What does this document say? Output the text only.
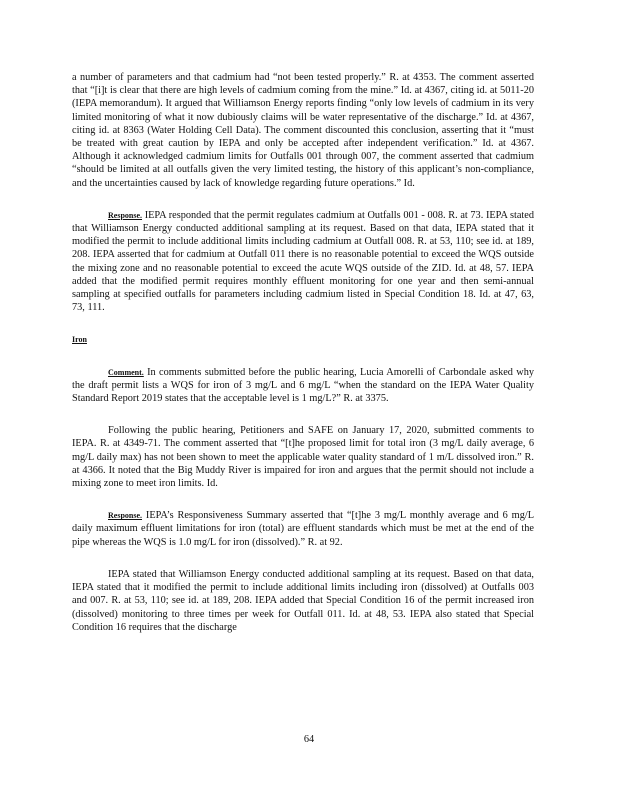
a number of parameters and that cadmium had “not been tested properly.” R. at 4353. The comment asserted that “[i]t is clear that there are high levels of cadmium coming from the mine.” Id. at 4367, citing id. at 5011-20 (IEPA memorandum). It argued that Williamson Energy reports finding “only low levels of cadmium in its very limited monitoring of what it now dubiously claims will be water representative of the discharge.” Id. at 4367, citing id. at 8363 (Water Holding Cell Data). The comment discounted this conclusion, asserting that it “must be treated with great caution by IEPA and only be accepted after independent verification.” Id. at 4367. Although it acknowledged cadmium limits for Outfalls 001 through 007, the comment asserted that cadmium “should be limited at all outfalls given the very limited testing, the history of this applicant’s non-compliance, and the uncertainties caused by lack of knowledge regarding future operations.” Id.

Response. IEPA responded that the permit regulates cadmium at Outfalls 001 - 008. R. at 73. IEPA stated that Williamson Energy conducted additional sampling at its request. Based on that data, IEPA stated that it modified the permit to include additional limits including cadmium at Outfall 008. R. at 53, 110; see id. at 189, 208. IEPA asserted that for cadmium at Outfall 011 there is no reasonable potential to exceed the WQS outside the mixing zone and no reasonable potential to exceed the acute WQS outside of the ZID. Id. at 48, 57. IEPA added that the modified permit requires monthly effluent monitoring for one year and then semi-annual sampling at specified outfalls for parameters including cadmium listed in Special Condition 18. Id. at 47, 63, 73, 111.

Iron

Comment. In comments submitted before the public hearing, Lucia Amorelli of Carbondale asked why the draft permit lists a WQS for iron of 3 mg/L and 6 mg/L “when the standard on the IEPA Water Quality Standard Report 2019 states that the acceptable level is 1 mg/L?” R. at 3375.

Following the public hearing, Petitioners and SAFE on January 17, 2020, submitted comments to IEPA. R. at 4349-71. The comment asserted that “[t]he proposed limit for total iron (3 mg/L daily average, 6 mg/L daily max) has not been shown to meet the applicable water quality standard of 1 m/L dissolved iron.” R. at 4366. It noted that the Big Muddy River is impaired for iron and argues that the permit should not include a mixing zone to meet iron limits. Id.

Response. IEPA’s Responsiveness Summary asserted that “[t]he 3 mg/L monthly average and 6 mg/L daily maximum effluent limitations for iron (total) are effluent standards which must be met at the end of the pipe whereas the WQS is 1.0 mg/L for iron (dissolved).” R. at 92.

IEPA stated that Williamson Energy conducted additional sampling at its request. Based on that data, IEPA stated that it modified the permit to include additional limits including iron (dissolved) at Outfalls 003 and 007. R. at 53, 110; see id. at 189, 208. IEPA added that Special Condition 16 of the permit increased iron (dissolved) monitoring to three times per week for Outfall 011. Id. at 48, 53. IEPA also stated that Special Condition 16 requires that the discharge

64
